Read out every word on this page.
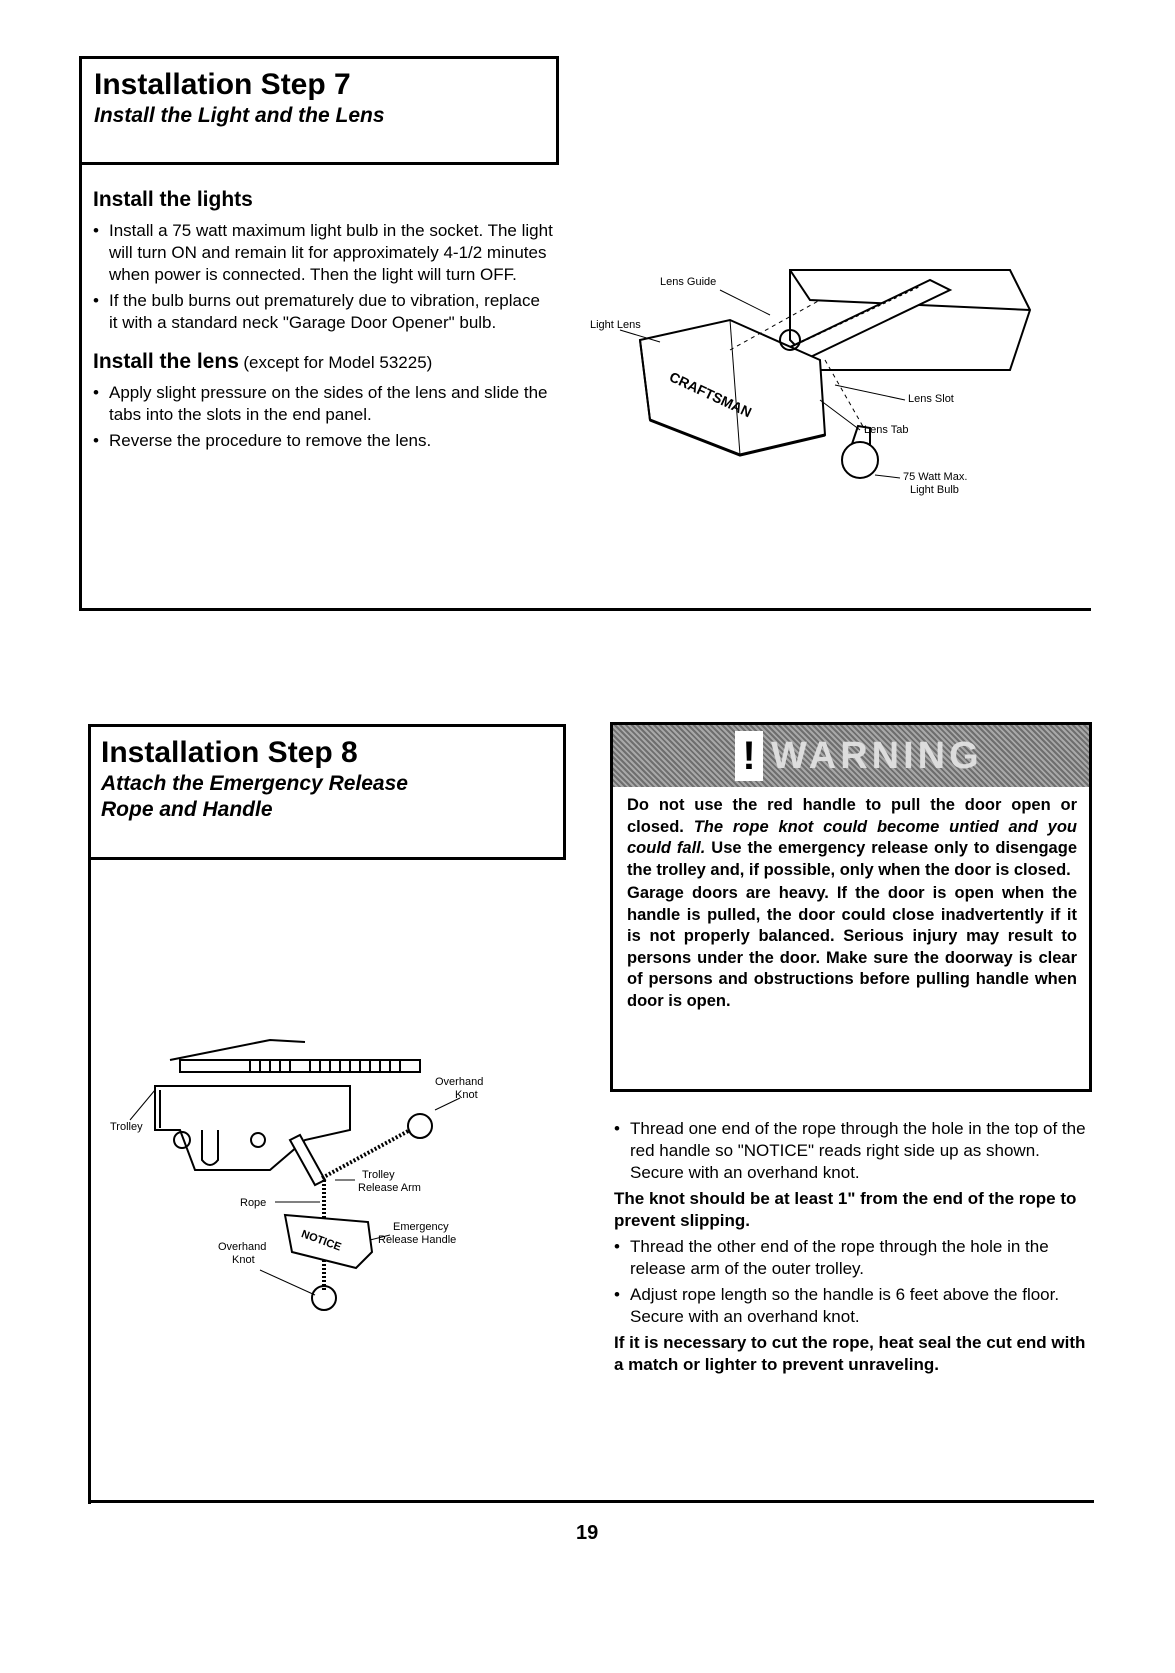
Installation Step 7
Install the Light and the Lens
Install the lights
• Install a 75 watt maximum light bulb in the socket. The light will turn ON and remain lit for approximately 4-1/2 minutes when power is connected. Then the light will turn OFF.
• If the bulb burns out prematurely due to vibration, replace it with a standard neck "Garage Door Opener" bulb.
Install the lens (except for Model 53225)
• Apply slight pressure on the sides of the lens and slide the tabs into the slots in the end panel.
• Reverse the procedure to remove the lens.
Lens Guide
Light Lens
Lens Slot
Lens Tab
75 Watt Max.
Light Bulb
CRAFTSMAN
Installation Step 8
Attach the Emergency Release
Rope and Handle
NOTICE
Overhand
Knot
Trolley
Rope
Trolley
Release Arm
Emergency
Release Handle
Overhand
Knot
! WARNING

Do not use the red handle to pull the door open or closed. The rope knot could become untied and you could fall. Use the emergency release only to disengage the trolley and, if possible, only when the door is closed.

Garage doors are heavy. If the door is open when the handle is pulled, the door could close inadvertently if it is not properly balanced. Serious injury may result to persons under the door. Make sure the doorway is clear of persons and obstructions before pulling handle when door is open.

• Thread one end of the rope through the hole in the top of the red handle so "NOTICE" reads right side up as shown. Secure with an overhand knot.
The knot should be at least 1" from the end of the rope to prevent slipping.
• Thread the other end of the rope through the hole in the release arm of the outer trolley.
• Adjust rope length so the handle is 6 feet above the floor. Secure with an overhand knot.
If it is necessary to cut the rope, heat seal the cut end with a match or lighter to prevent unraveling.
19
